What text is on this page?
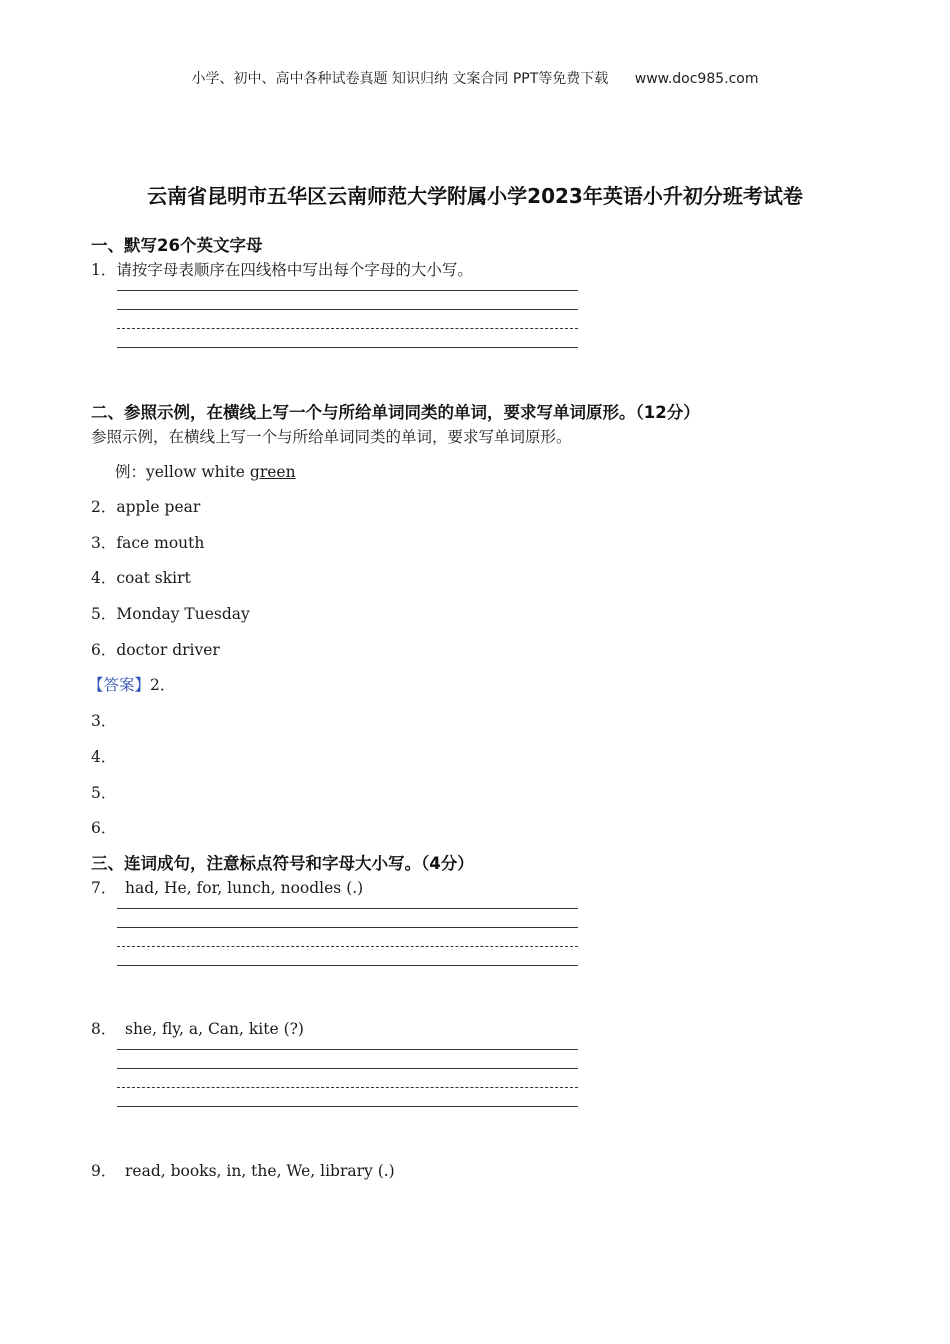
小学、初中、高中各种试卷真题 知识归纳 文案合同 PPT等免费下载 www.doc985.com
云南省昆明市五华区云南师范大学附属小学2023年英语小升初分班考试卷
一、默写26个英文字母
1．请按字母表顺序在四线格中写出每个字母的大小写。
二、参照示例，在横线上写一个与所给单词同类的单词，要求写单词原形。（12分）
参照示例，在横线上写一个与所给单词同类的单词，要求写单词原形。
例：yellow white green
2．apple pear
3．face mouth
4．coat skirt
5．Monday Tuesday
6．doctor driver
【答案】2．
3．
4．
5．
6．
三、连词成句，注意标点符号和字母大小写。（4分）
7． had, He, for, lunch, noodles (.)
8． she, fly, a, Can, kite (?)
9． read, books, in, the, We, library (.)
